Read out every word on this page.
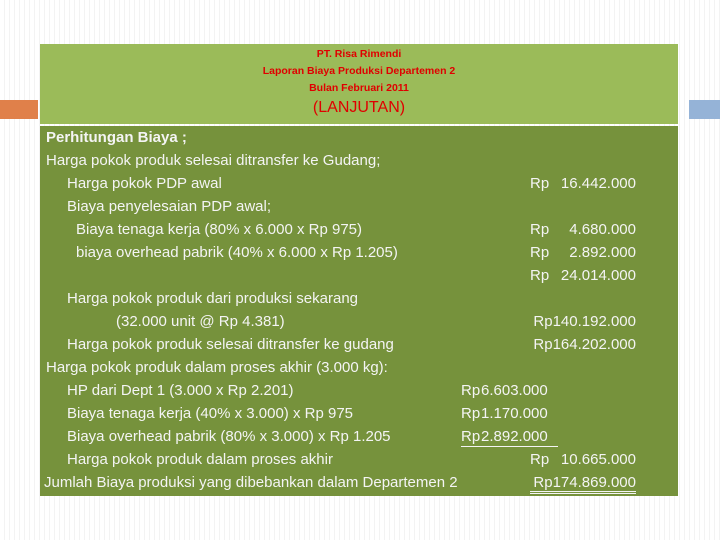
PT. Risa Rimendi
Laporan Biaya Produksi Departemen 2
Bulan Februari 2011
(LANJUTAN)
Perhitungan Biaya ;
Harga pokok produk selesai ditransfer ke Gudang;
Harga pokok PDP awal	Rp 16.442.000
Biaya penyelesaian PDP awal;
Biaya tenaga kerja (80% x 6.000 x Rp 975)	Rp 4.680.000
biaya overhead pabrik (40% x 6.000 x Rp 1.205)	Rp 2.892.000
Rp 24.014.000
Harga pokok produk dari produksi sekarang
(32.000 unit @ Rp 4.381)	Rp140.192.000
Harga pokok produk selesai ditransfer ke gudang	Rp164.202.000
Harga pokok produk dalam proses akhir (3.000 kg):
HP dari Dept 1 (3.000 x Rp 2.201)	Rp 6.603.000
Biaya tenaga kerja (40% x 3.000) x Rp 975	Rp 1.170.000
Biaya overhead pabrik (80% x 3.000) x Rp 1.205	Rp 2.892.000
Harga pokok produk dalam proses akhir	Rp 10.665.000
Jumlah Biaya produksi yang dibebankan dalam Departemen 2	Rp174.869.000
